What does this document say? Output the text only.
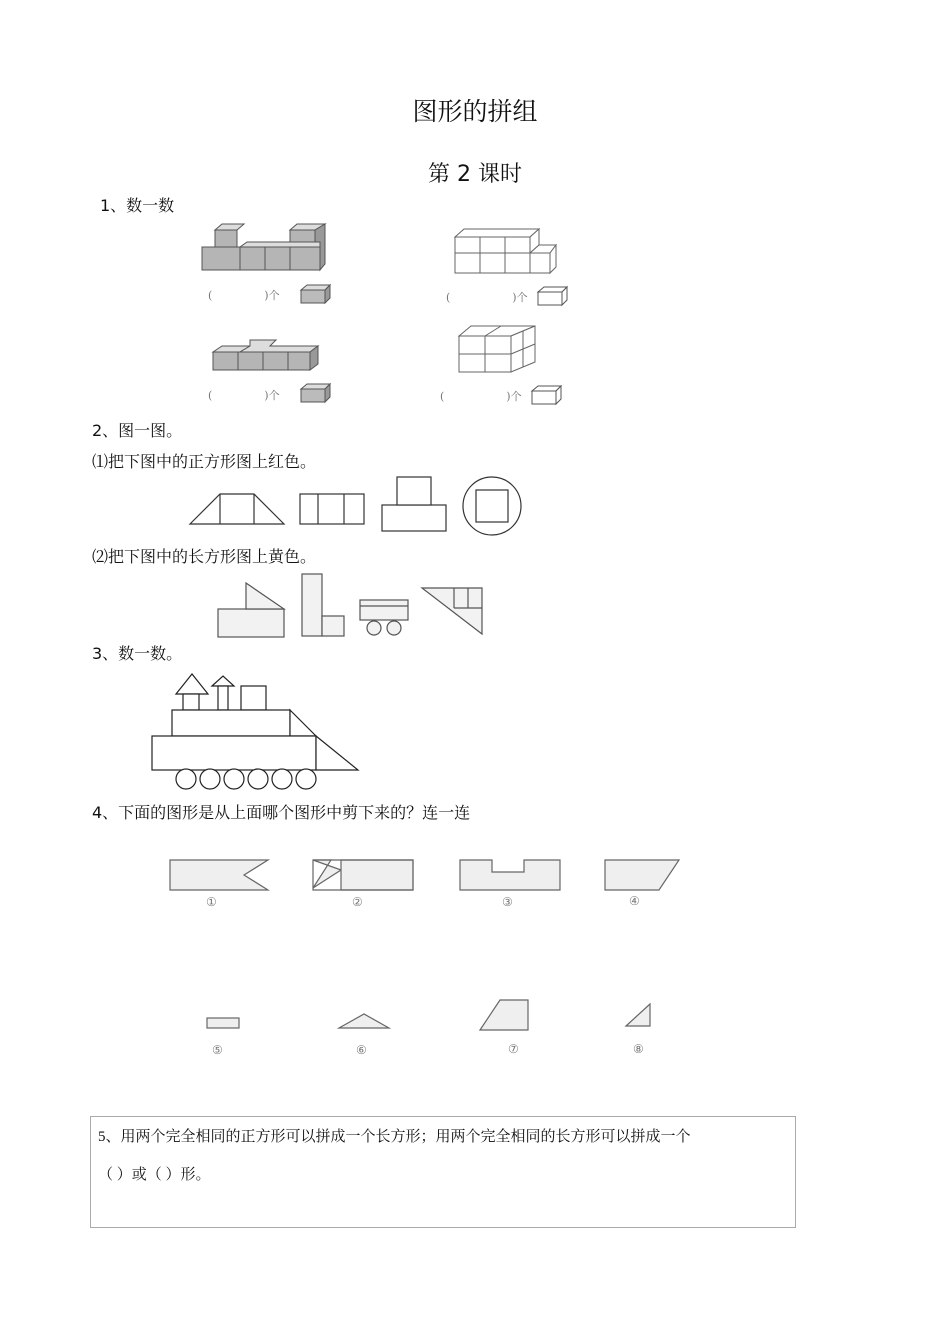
图形的拼组
第 2 课时
1、数一数
(	)个	(	)个
(	)个	(	)个
2、图一图。
⑴把下图中的正方形图上红色。
⑵把下图中的长方形图上黄色。
3、数一数。
4、下面的图形是从上面哪个图形中剪下来的？连一连
①	②	③	④
⑤	⑥	⑦	⑧
5、用两个完全相同的正方形可以拼成一个长方形；用两个完全相同的长方形可以拼成一个
（ ）或（ ）形。
